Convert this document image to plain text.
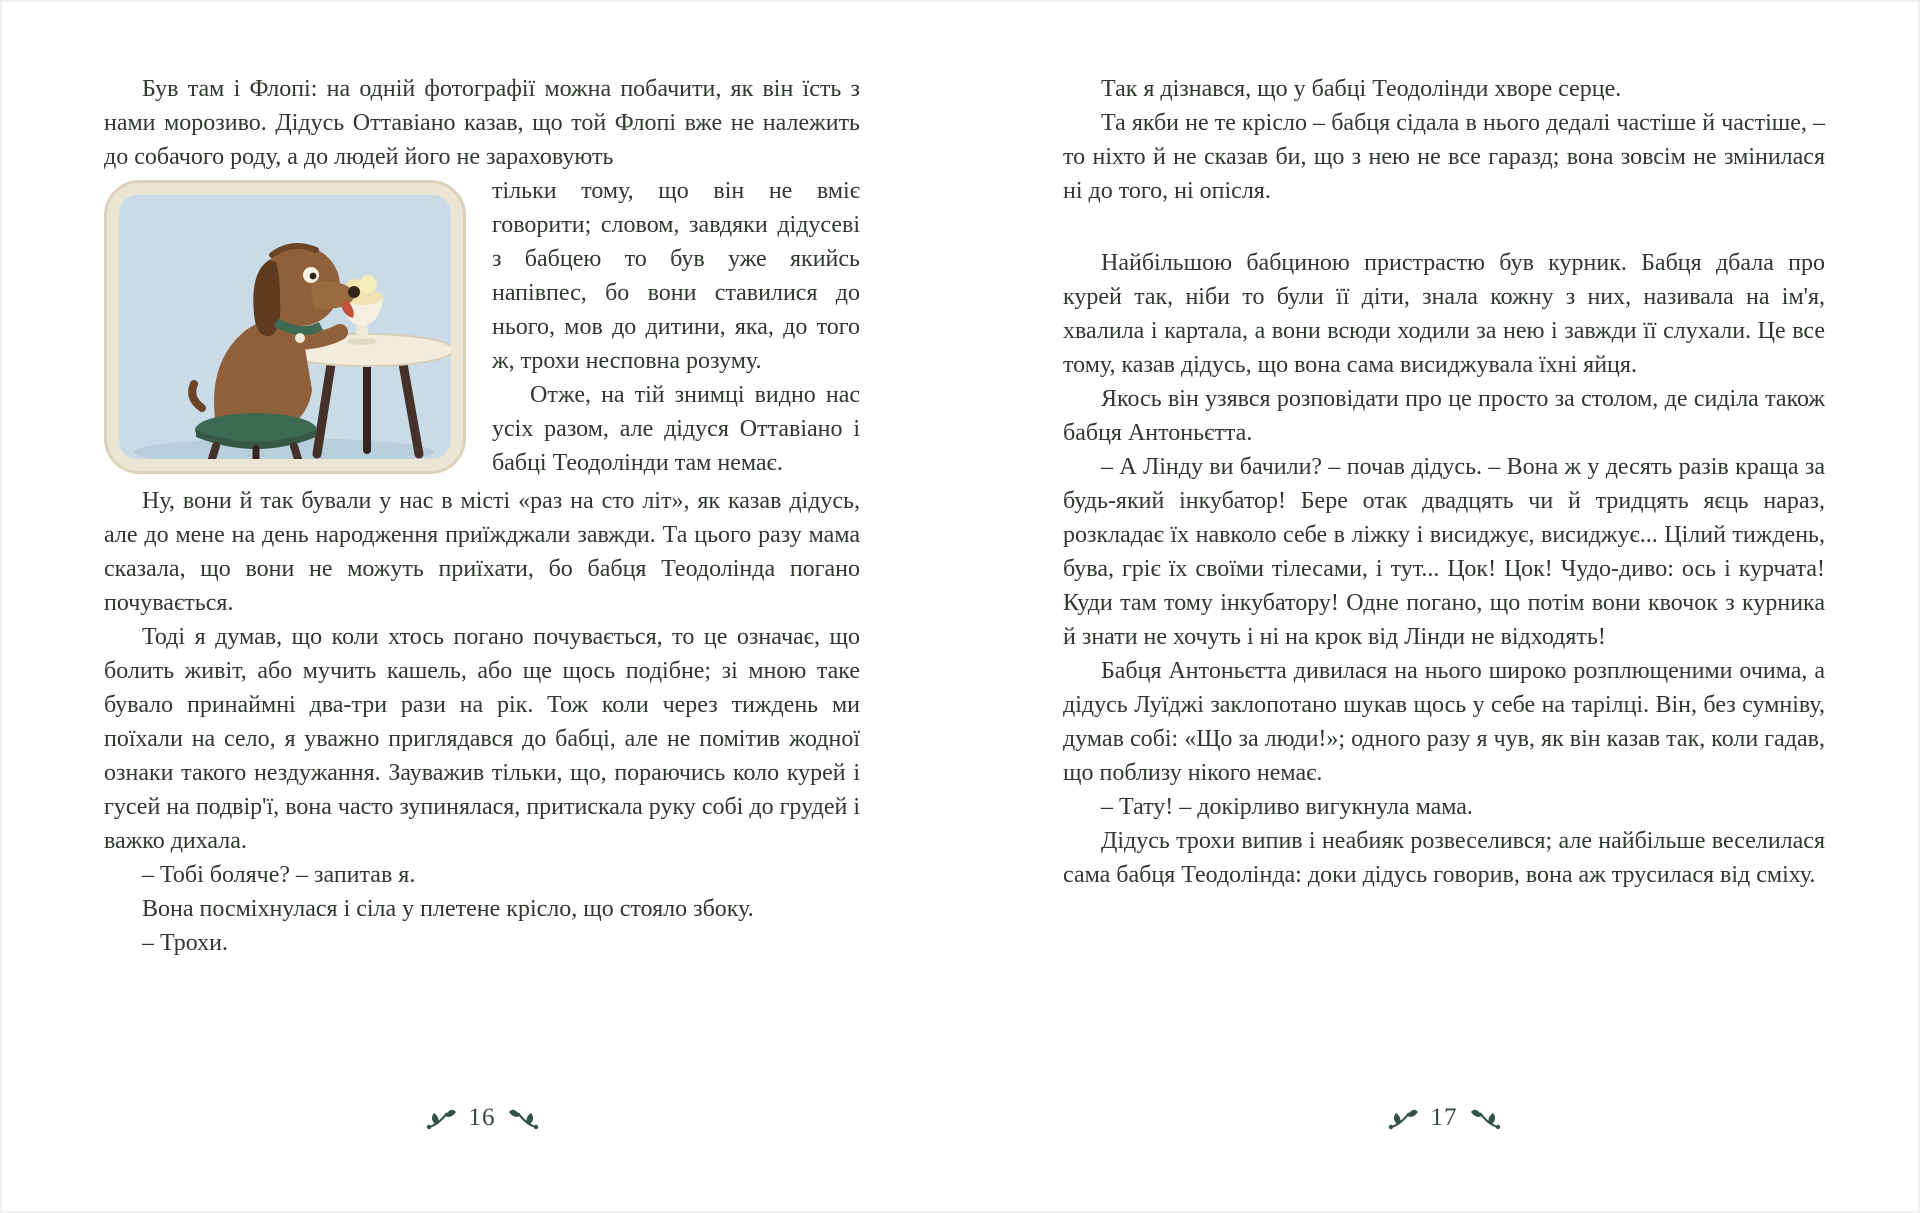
Був там і Флопі: на одній фотографії можна побачити, як він їсть з нами морозиво. Дідусь Оттавіано казав, що той Флопі вже не належить до собачого роду, а до людей його не зараховують

тільки тому, що він не вміє говорити; словом, завдяки дідусеві з бабцею то був уже якийсь напівпес, бо вони ставилися до нього, мов до дитини, яка, до того ж, трохи несповна розуму.

Отже, на тій знимці видно нас усіх разом, але дідуся Оттавіано і бабці Теодолінди там немає.

Ну, вони й так бували у нас в місті «раз на сто літ», як казав дідусь, але до мене на день народження приїжджали завжди. Та цього разу мама сказала, що вони не можуть приїхати, бо бабця Теодолінда погано почувається.

Тоді я думав, що коли хтось погано почувається, то це означає, що болить живіт, або мучить кашель, або ще щось подібне; зі мною таке бувало принаймні два-три рази на рік. Тож коли через тиждень ми поїхали на село, я уважно приглядався до бабці, але не помітив жодної ознаки такого нездужання. Зауважив тільки, що, пораючись коло курей і гусей на подвір'ї, вона часто зупинялася, притискала руку собі до грудей і важко дихала.

– Тобі боляче? – запитав я.

Вона посміхнулася і сіла у плетене крісло, що стояло збоку.

– Трохи.

16

Так я дізнався, що у бабці Теодолінди хворе серце.

Та якби не те крісло – бабця сідала в нього дедалі частіше й частіше, – то ніхто й не сказав би, що з нею не все гаразд; вона зовсім не змінилася ні до того, ні опісля.

Найбільшою бабциною пристрастю був курник. Бабця дбала про курей так, ніби то були її діти, знала кожну з них, називала на ім'я, хвалила і картала, а вони всюди ходили за нею і завжди її слухали. Це все тому, казав дідусь, що вона сама висиджувала їхні яйця.

Якось він узявся розповідати про це просто за столом, де сиділа також бабця Антоньєтта.

– А Лінду ви бачили? – почав дідусь. – Вона ж у десять разів краща за будь-який інкубатор! Бере отак двадцять чи й тридцять яєць нараз, розкладає їх навколо себе в ліжку і висиджує, висиджує... Цілий тиждень, бува, гріє їх своїми тілесами, і тут... Цок! Цок! Чудо-диво: ось і курчата! Куди там тому інкубатору! Одне погано, що потім вони квочок з курника й знати не хочуть і ні на крок від Лінди не відходять!

Бабця Антоньєтта дивилася на нього широко розплющеними очима, а дідусь Луїджі заклопотано шукав щось у себе на тарілці. Він, без сумніву, думав собі: «Що за люди!»; одного разу я чув, як він казав так, коли гадав, що поблизу нікого немає.

– Тату! – докірливо вигукнула мама.

Дідусь трохи випив і неабияк розвеселився; але найбільше веселилася сама бабця Теодолінда: доки дідусь говорив, вона аж трусилася від сміху.

17
